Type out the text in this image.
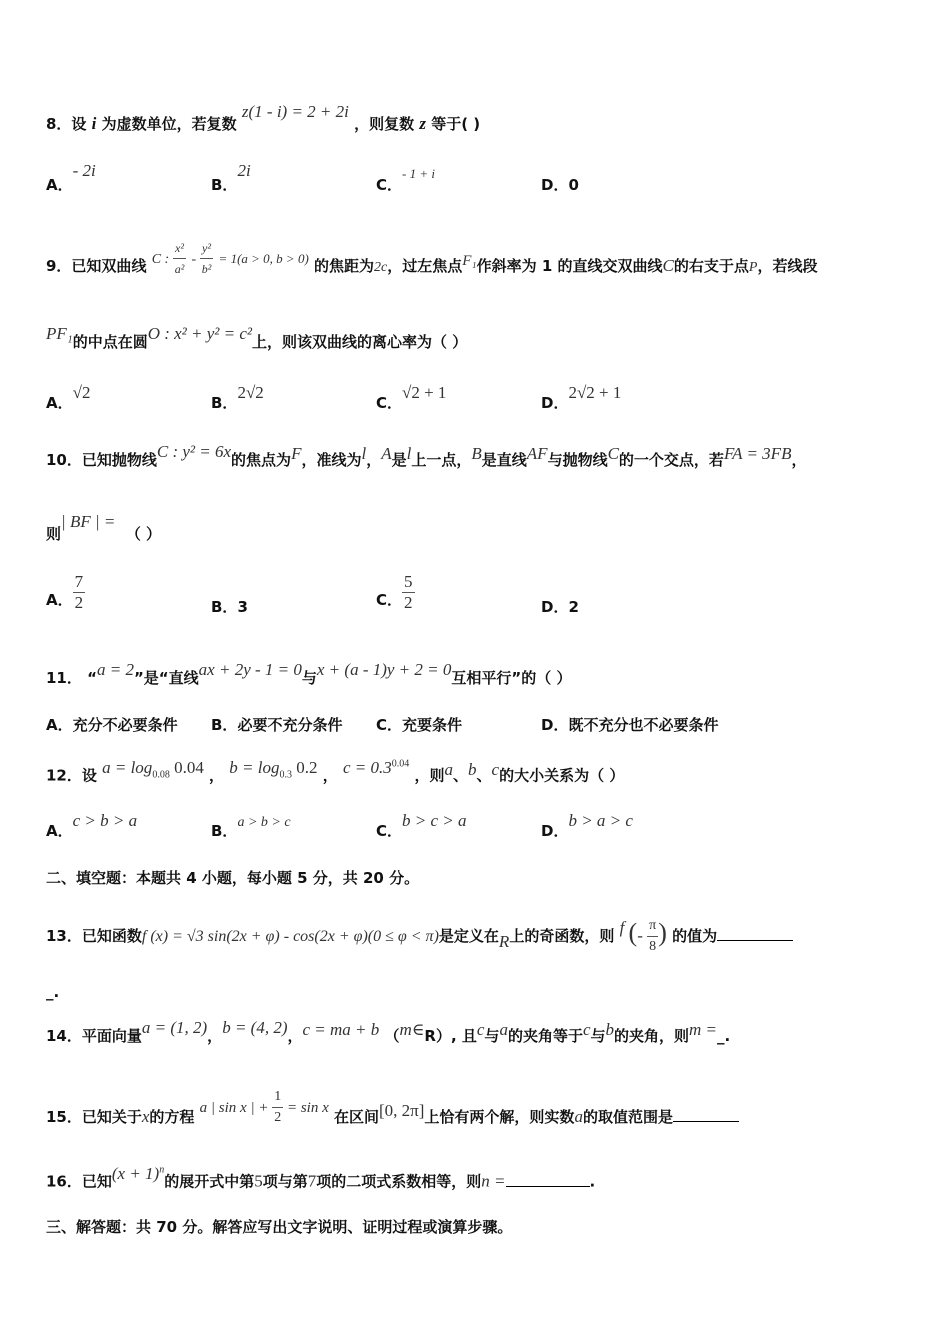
8．设 i 为虚数单位，若复数 z(1 - i) = 2 + 2i ，则复数 z 等于( )
A．- 2i
B．2i
C．- 1 + i
D．0
9．已知双曲线 C : $\frac{\text{x²}}{\text{a²}} - \frac{\text{y²}}{\text{b²}} = 1(a > 0$, b > 0) 的焦距为2c，过左焦点F₁作斜率为 1 的直线交双曲线C的右支于点P，若线段
PF₁的中点在圆O : x² + y² = c²上，则该双曲线的离心率为（ ）
A．√2
B．2√2
C．√2 + 1
D．2√2 + 1
10．已知抛物线C : y² = 6x的焦点为F，准线为l，A是l上一点，B是直线AF与抛物线C的一个交点，若FA = 3FB，
则| BF | =  （ ）
A． $\frac{7}{2}$	B．3	C． $\frac{5}{2}$	D．2
11． “a = 2”是“直线ax + 2y - 1 = 0与x + (a - 1)y + 2 = 0互相平行”的（ ）
A．充分不必要条件 B．必要不充分条件 C．充要条件	D．既不充分也不必要条件
12．设 $a = \log_{0.08} 0.04$ ， $b = \log_{0.3} 0.2$ ， $c = 0.3^{0.04}$ ，则a、b、c的大小关系为（ ）
A．c > b > a
B．a > b > c	C．b > c > a
D．b > a > c
二、填空题：本题共 4 小题，每小题 5 分，共 20 分。
13．已知函数f (x) = √3 sin(2x + φ) - cos(2x + φ)(0 ≤ φ < π)是定义在R上的奇函数，则 f (- $\frac{\pi}{8}$ ) 的值为
_.
14．平面向量a = (1, 2)，b = (4, 2)，c = ma + b （m∈R）, 且c与a的夹角等于c与b的夹角，则m =_.
15．已知关于x的方程 a | sin x | + $\frac{1}{2} = \sin x$ 在区间[0, 2π]上恰有两个解，则实数a的取值范围是
16．已知$(x + 1)^n$的展开式中第5项与第7项的二项式系数相等，则n =	.
三、解答题：共 70 分。解答应写出文字说明、证明过程或演算步骤。
